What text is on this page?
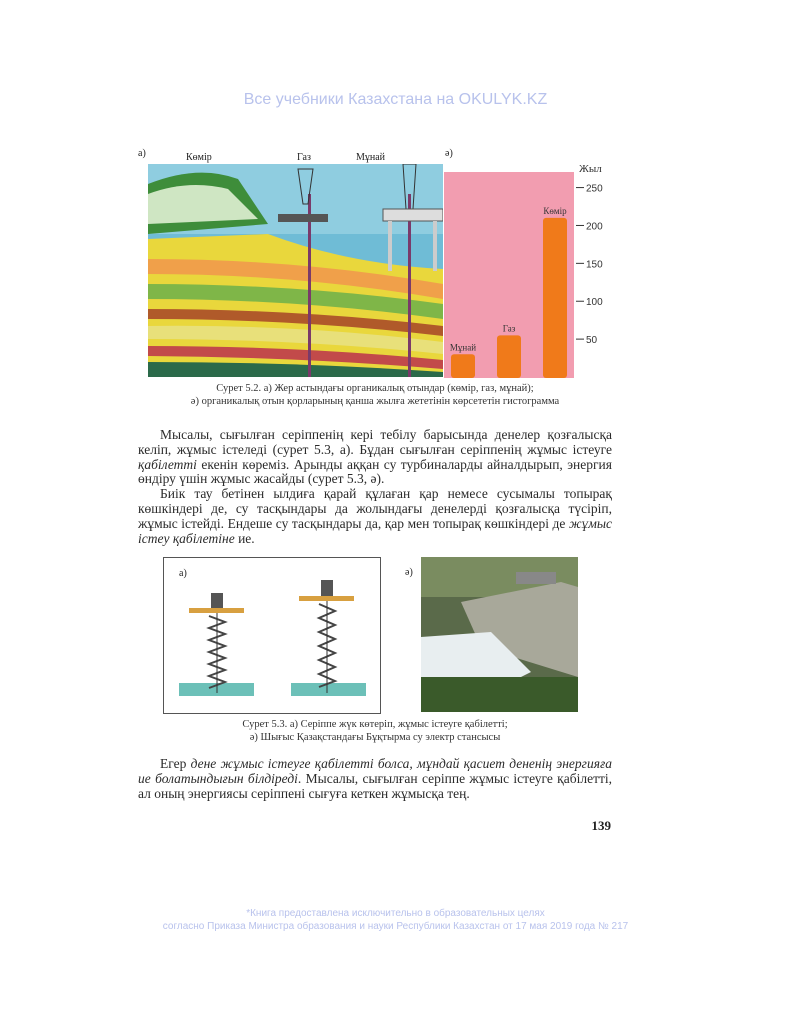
Все учебники Казахстана на OKULYK.KZ
а)	Көмір	Газ	Мұнай	ә)
Мұнай
Газ
Көмір
50
100
150
200
250
Жыл
Сурет 5.2. а) Жер астындағы органикалық отындар (көмір, газ, мұнай);
ә) органикалық отын қорларының қанша жылға жететінін көрсететін гистограмма

Мысалы, сығылған серіппенің кері тебілу барысында денелер қозғалысқа келіп, жұмыс істеледі (сурет 5.3, а). Бұдан сығылған серіппенің жұмыс істеуге қабілетті екенін көреміз. Арынды аққан су турбиналарды айналдырып, энергия өндіру үшін жұмыс жасайды (сурет 5.3, ә).

Биік тау бетінен ылдиға қарай құлаған қар немесе сусымалы топырақ көшкіндері де, су тасқындары да жолындағы денелерді қозғалысқа түсіріп, жұмыс істейді. Ендеше су тасқындары да, қар мен топырақ көшкіндері де жұмыс істеу қабілетіне ие.

а)	ә)
Сурет 5.3. а) Серіппе жүк көтеріп, жұмыс істеуге қабілетті;
ә) Шығыс Қазақстандағы Бұқтырма су электр стансысы

Егер дене жұмыс істеуге қабілетті болса, мұндай қасиет дененің энергияға ие болатындығын білдіреді. Мысалы, сығылған серіппе жұмыс істеуге қабілетті, ал оның энергиясы серіппені сығуға кеткен жұмысқа тең.

139
*Книга предоставлена исключительно в образовательных целях
согласно Приказа Министра образования и науки Республики Казахстан от 17 мая 2019 года № 217
